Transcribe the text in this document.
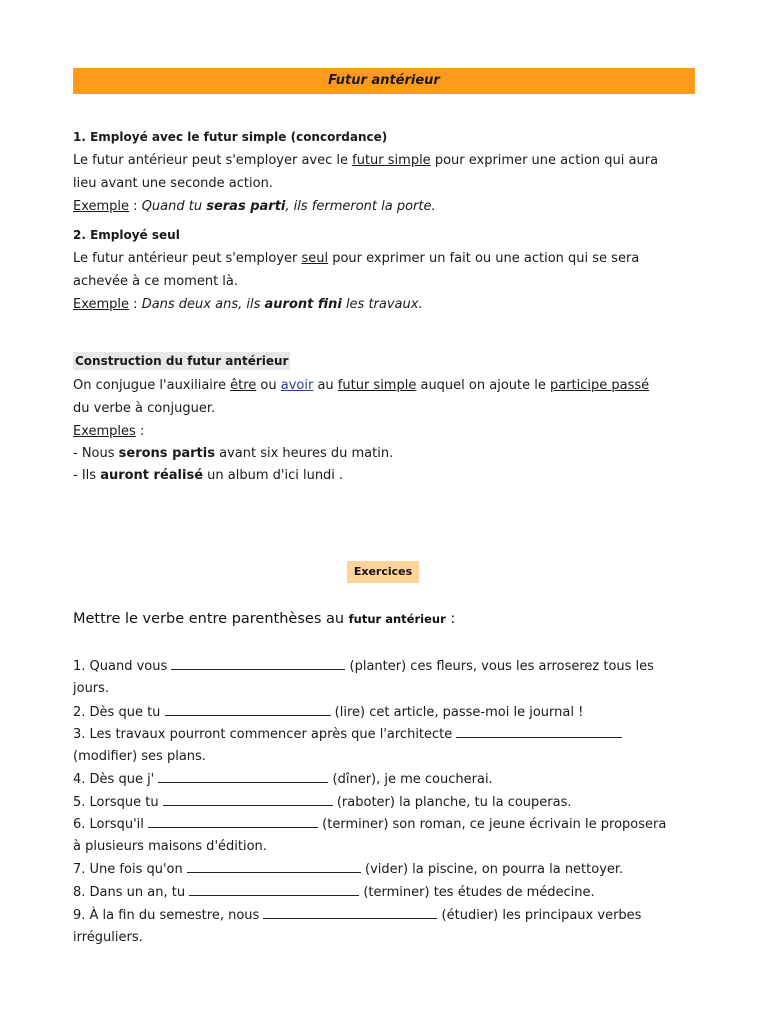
Futur antérieur
1. Employé avec le futur simple (concordance)
Le futur antérieur peut s'employer avec le futur simple pour exprimer une action qui aura
lieu avant une seconde action.
Exemple : Quand tu seras parti, ils fermeront la porte.
2. Employé seul
Le futur antérieur peut s'employer seul pour exprimer un fait ou une action qui se sera
achevée à ce moment là.
Exemple : Dans deux ans, ils auront fini les travaux.
Construction du futur antérieur
On conjugue l'auxiliaire être ou avoir au futur simple auquel on ajoute le participe passé
du verbe à conjuguer.
Exemples :
- Nous serons partis avant six heures du matin.
- Ils auront réalisé un album d'ici lundi .
Exercices
Mettre le verbe entre parenthèses au futur antérieur :
1. Quand vous	(planter) ces fleurs, vous les arroserez tous les
jours.
2. Dès que tu	(lire) cet article, passe-moi le journal !
3. Les travaux pourront commencer après que l'architecte
(modifier) ses plans.
4. Dès que j'	(dîner), je me coucherai.
5. Lorsque tu	(raboter) la planche, tu la couperas.
6. Lorsqu'il	(terminer) son roman, ce jeune écrivain le proposera
à plusieurs maisons d'édition.
7. Une fois qu'on	(vider) la piscine, on pourra la nettoyer.
8. Dans un an, tu	(terminer) tes études de médecine.
9. À la fin du semestre, nous	(étudier) les principaux verbes
irréguliers.
